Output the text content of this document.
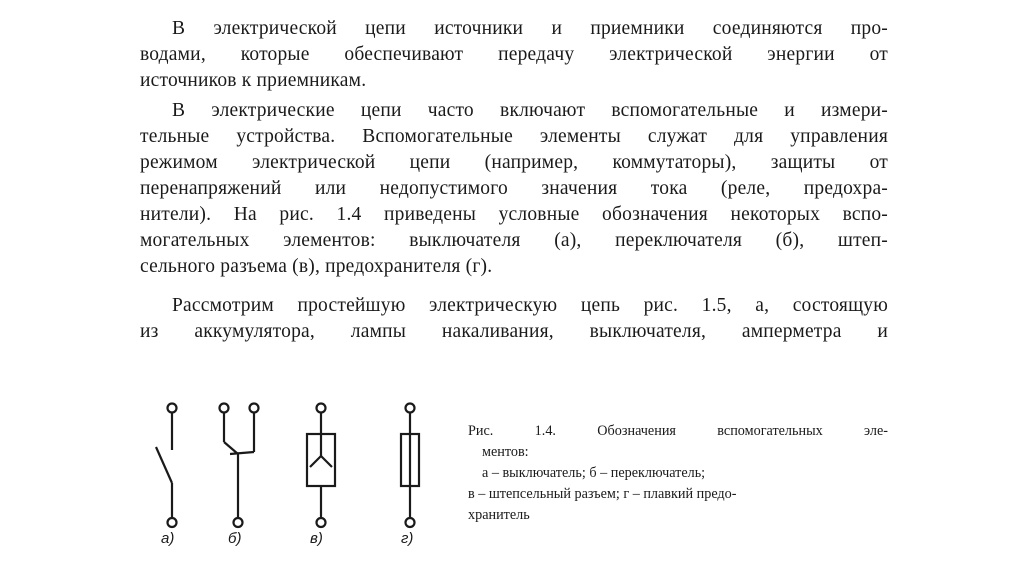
В электрической цепи источники и приемники соединяются про-
водами, которые обеспечивают передачу электрической энергии от
источников к приемникам.
В электрические цепи часто включают вспомогательные и измери-
тельные устройства. Вспомогательные элементы служат для управления
режимом электрической цепи (например, коммутаторы), защиты от
перенапряжений или недопустимого значения тока (реле, предохра-
нители). На рис. 1.4 приведены условные обозначения некоторых вспо-
могательных элементов: выключателя (а), переключателя (б), штеп-
сельного разъема (в), предохранителя (г).
Рассмотрим простейшую электрическую цепь рис. 1.5, а, состоящую
из аккумулятора, лампы накаливания, выключателя, амперметра и
а)	б)	в)	г)
Рис. 1.4. Обозначения вспомогательных эле-
ментов:
а – выключатель; б – переключатель;
в – штепсельный разъем; г – плавкий предо-
хранитель
